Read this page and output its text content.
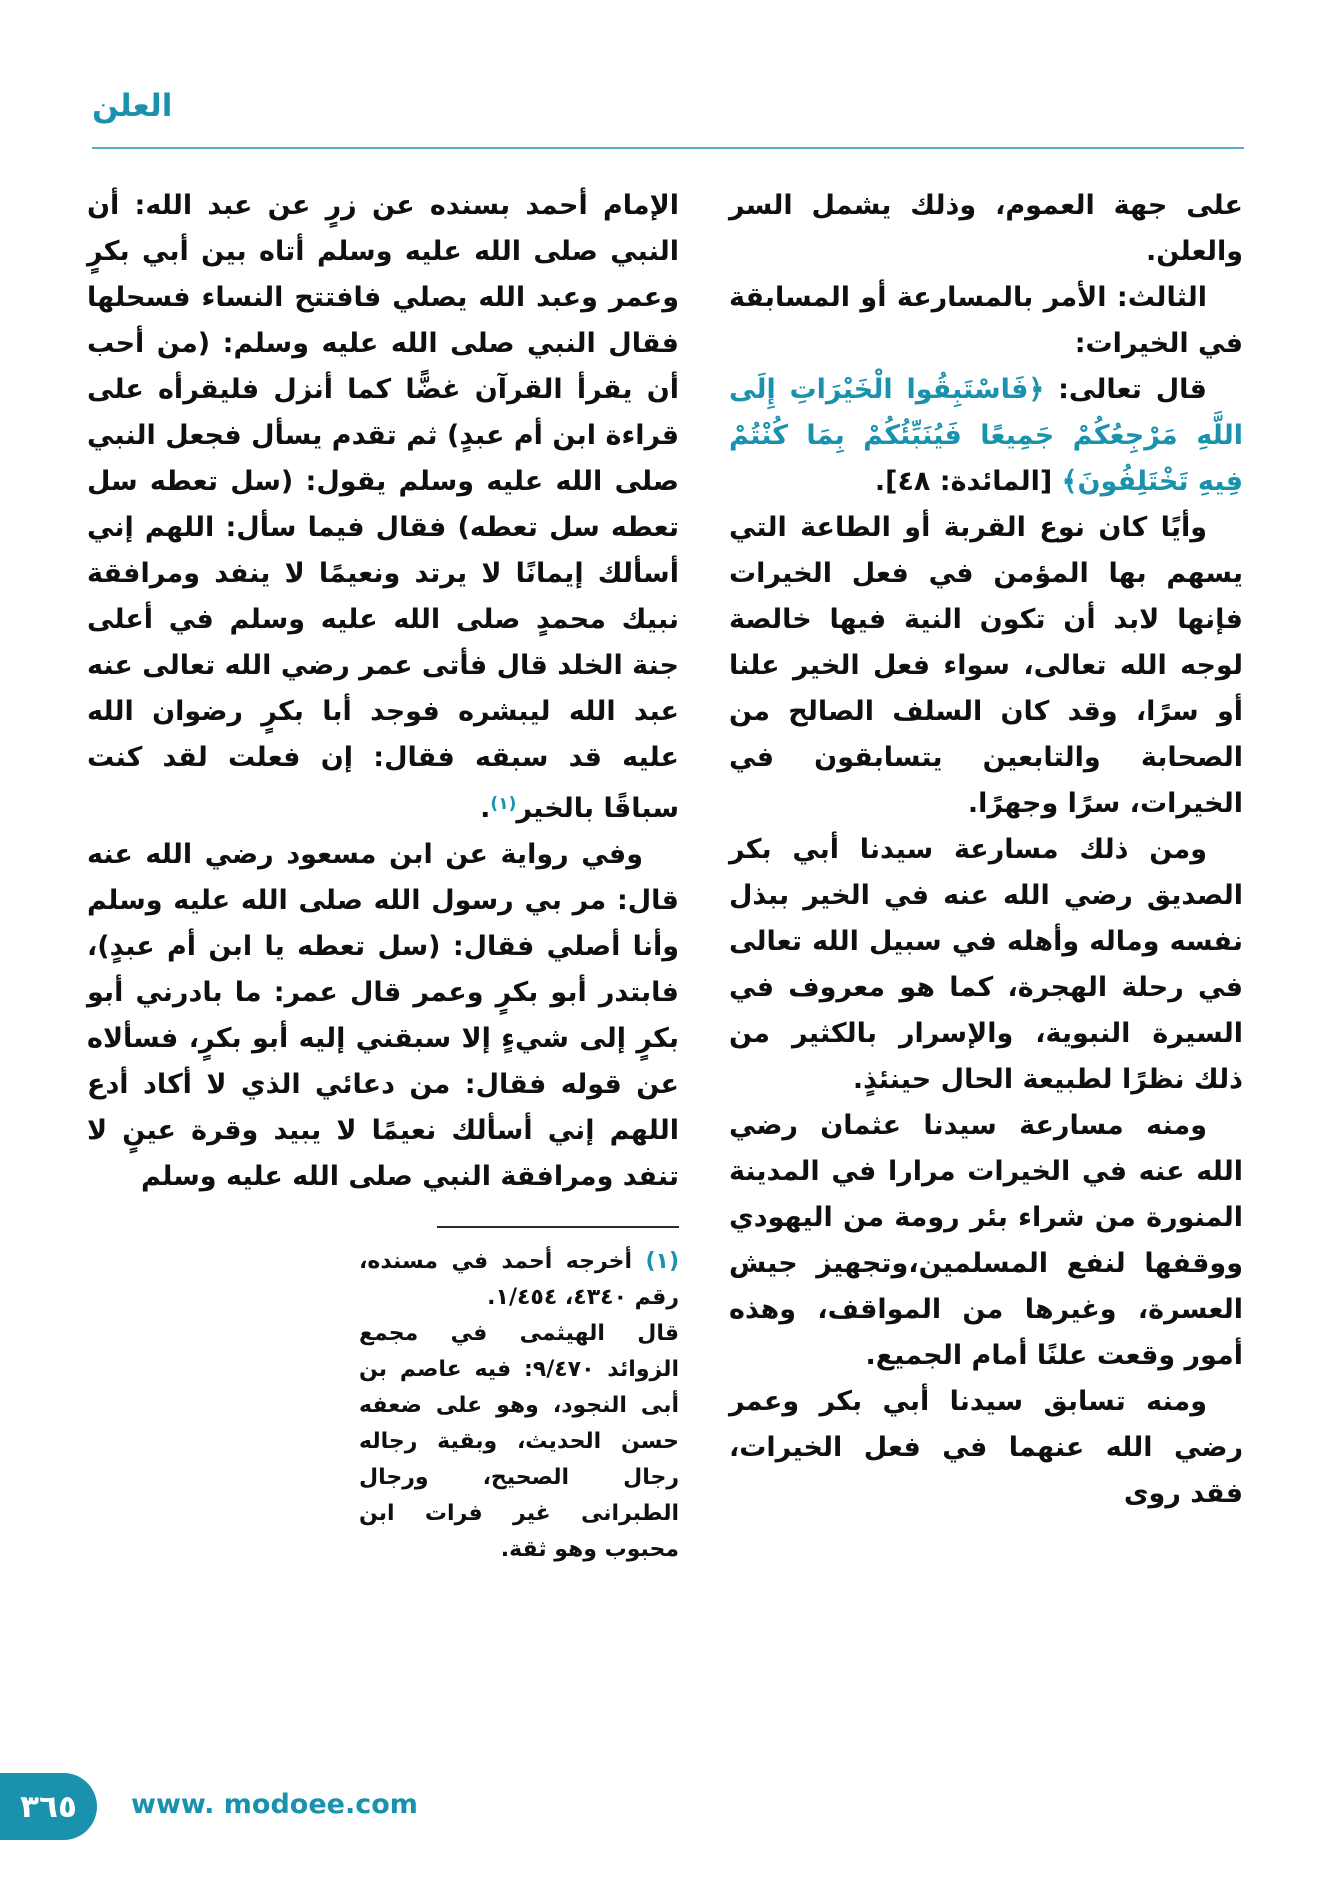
العلن

على جهة العموم، وذلك يشمل السر والعلن.

الثالث: الأمر بالمسارعة أو المسابقة في الخيرات:

قال تعالى: ﴿فَاسْتَبِقُوا الْخَيْرَاتِ إِلَى اللَّهِ مَرْجِعُكُمْ جَمِيعًا فَيُنَبِّئُكُمْ بِمَا كُنْتُمْ فِيهِ تَخْتَلِفُونَ﴾ [المائدة: ٤٨].

وأيًا كان نوع القربة أو الطاعة التي يسهم بها المؤمن في فعل الخيرات فإنها لابد أن تكون النية فيها خالصة لوجه الله تعالى، سواء فعل الخير علنا أو سرًا، وقد كان السلف الصالح من الصحابة والتابعين يتسابقون في الخيرات، سرًا وجهرًا.

ومن ذلك مسارعة سيدنا أبي بكر الصديق رضي الله عنه في الخير ببذل نفسه وماله وأهله في سبيل الله تعالى في رحلة الهجرة، كما هو معروف في السيرة النبوية، والإسرار بالكثير من ذلك نظرًا لطبيعة الحال حينئذٍ.

ومنه مسارعة سيدنا عثمان رضي الله عنه في الخيرات مرارا في المدينة المنورة من شراء بئر رومة من اليهودي ووقفها لنفع المسلمين،وتجهيز جيش العسرة، وغيرها من المواقف، وهذه أمور وقعت علنًا أمام الجميع.

ومنه تسابق سيدنا أبي بكر وعمر رضي الله عنهما في فعل الخيرات، فقد روى

الإمام أحمد بسنده عن زرٍ عن عبد الله: أن النبي صلى الله عليه وسلم أتاه بين أبي بكرٍ وعمر وعبد الله يصلي فافتتح النساء فسحلها فقال النبي صلى الله عليه وسلم: (من أحب أن يقرأ القرآن غضًّا كما أنزل فليقرأه على قراءة ابن أم عبدٍ) ثم تقدم يسأل فجعل النبي صلى الله عليه وسلم يقول: (سل تعطه سل تعطه سل تعطه) فقال فيما سأل: اللهم إني أسألك إيمانًا لا يرتد ونعيمًا لا ينفد ومرافقة نبيك محمدٍ صلى الله عليه وسلم في أعلى جنة الخلد قال فأتى عمر رضي الله تعالى عنه عبد الله ليبشره فوجد أبا بكرٍ رضوان الله عليه قد سبقه فقال: إن فعلت لقد كنت سباقًا بالخير$^{(١)}$.

وفي رواية عن ابن مسعود رضي الله عنه قال: مر بي رسول الله صلى الله عليه وسلم وأنا أصلي فقال: (سل تعطه يا ابن أم عبدٍ)، فابتدر أبو بكرٍ وعمر قال عمر: ما بادرني أبو بكرٍ إلى شيءٍ إلا سبقني إليه أبو بكرٍ، فسألاه عن قوله فقال: من دعائي الذي لا أكاد أدع اللهم إني أسألك نعيمًا لا يبيد وقرة عينٍ لا تنفد ومرافقة النبي صلى الله عليه وسلم

(١) أخرجه أحمد في مسنده، رقم ٤٣٤٠، ١/٤٥٤.

قال الهيثمى في مجمع الزوائد ٩/٤٧٠: فيه عاصم بن أبى النجود، وهو على ضعفه حسن الحديث، وبقية رجاله رجال الصحيح، ورجال الطبرانى غير فرات ابن محبوب وهو ثقة.

٣٦٥ www. modoee.com
